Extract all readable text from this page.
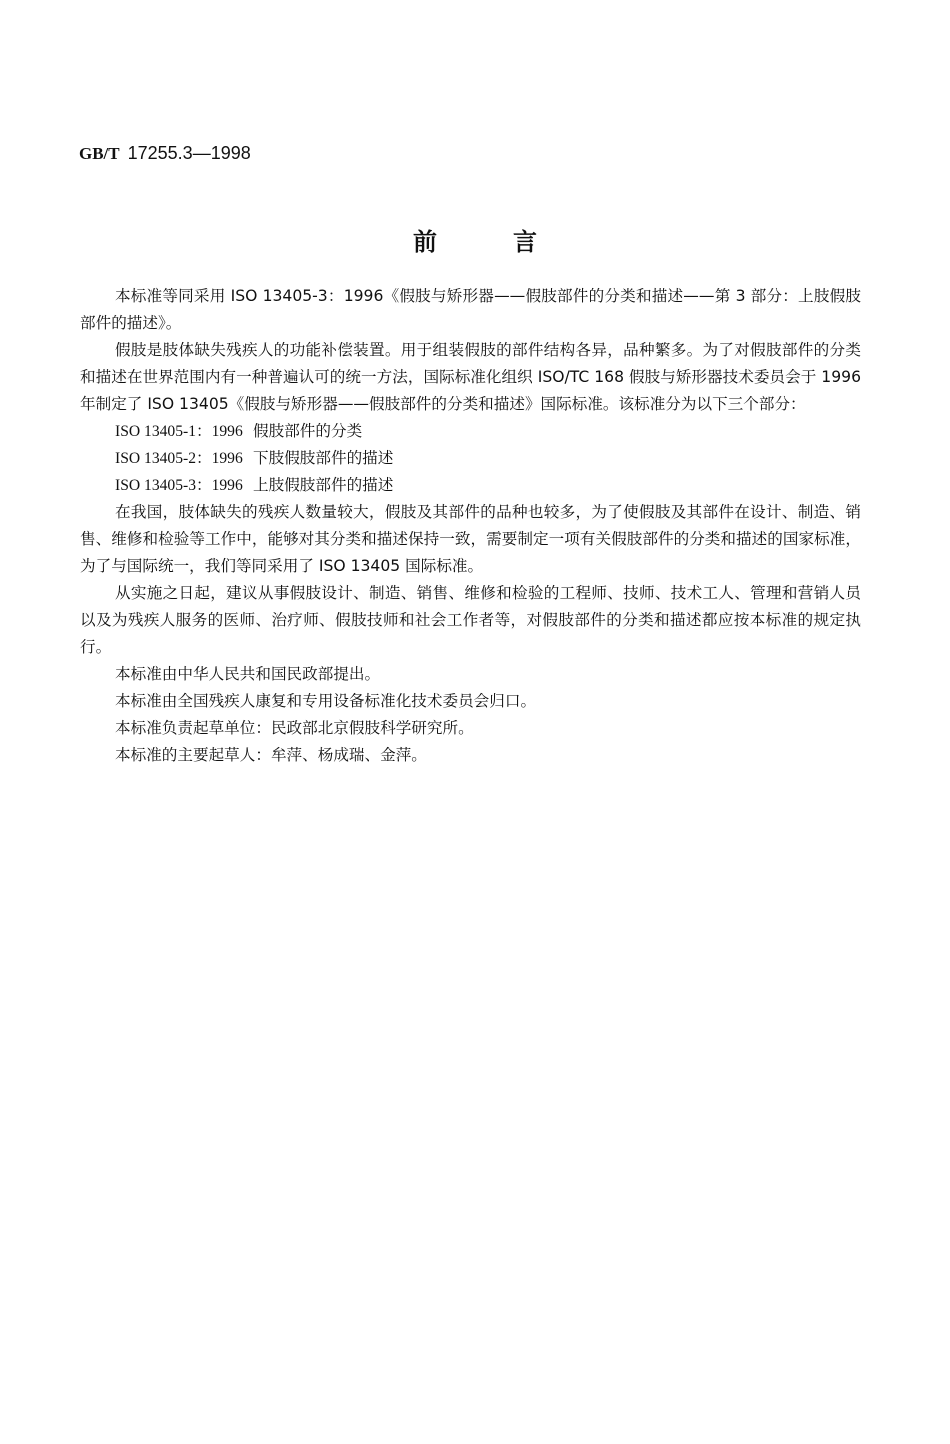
GB/T 17255.3—1998
前	言

本标准等同采用 ISO 13405-3：1996《假肢与矫形器——假肢部件的分类和描述——第 3 部分：上肢假肢部件的描述》。

假肢是肢体缺失残疾人的功能补偿装置。用于组装假肢的部件结构各异，品种繁多。为了对假肢部件的分类和描述在世界范围内有一种普遍认可的统一方法，国际标准化组织 ISO/TC 168 假肢与矫形器技术委员会于 1996 年制定了 ISO 13405《假肢与矫形器——假肢部件的分类和描述》国际标准。该标准分为以下三个部分：

ISO 13405-1：1996 假肢部件的分类
ISO 13405-2：1996 下肢假肢部件的描述
ISO 13405-3：1996 上肢假肢部件的描述

在我国，肢体缺失的残疾人数量较大，假肢及其部件的品种也较多，为了使假肢及其部件在设计、制造、销售、维修和检验等工作中，能够对其分类和描述保持一致，需要制定一项有关假肢部件的分类和描述的国家标准，为了与国际统一，我们等同采用了 ISO 13405 国际标准。

从实施之日起，建议从事假肢设计、制造、销售、维修和检验的工程师、技师、技术工人、管理和营销人员以及为残疾人服务的医师、治疗师、假肢技师和社会工作者等，对假肢部件的分类和描述都应按本标准的规定执行。

本标准由中华人民共和国民政部提出。

本标准由全国残疾人康复和专用设备标准化技术委员会归口。

本标准负责起草单位：民政部北京假肢科学研究所。

本标准的主要起草人：牟萍、杨成瑞、金萍。
